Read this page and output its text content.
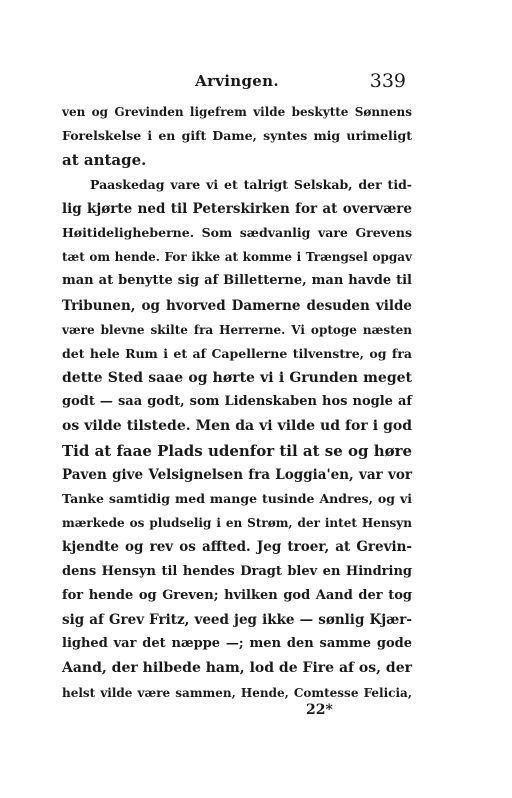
Arvingen.	339
ven og Grevinden ligefrem vilde beskytte Sønnens
Forelskelse i en gift Dame, syntes mig urimeligt
at antage.
Paaskedag vare vi et talrigt Selskab, der tid-
lig kjørte ned til Peterskirken for at overvære
Høitideligheberne. Som sædvanlig vare Grevens
tæt om hende. For ikke at komme i Trængsel opgav
man at benytte sig af Billetterne, man havde til
Tribunen, og hvorved Damerne desuden vilde
være blevne skilte fra Herrerne. Vi optoge næsten
det hele Rum i et af Capellerne tilvenstre, og fra
dette Sted saae og hørte vi i Grunden meget
godt — saa godt, som Lidenskaben hos nogle af
os vilde tilstede. Men da vi vilde ud for i god
Tid at faae Plads udenfor til at se og høre
Paven give Velsignelsen fra Loggia'en, var vor
Tanke samtidig med mange tusinde Andres, og vi
mærkede os pludselig i en Strøm, der intet Hensyn
kjendte og rev os affted. Jeg troer, at Grevin-
dens Hensyn til hendes Dragt blev en Hindring
for hende og Greven; hvilken god Aand der tog
sig af Grev Fritz, veed jeg ikke — sønlig Kjær-
lighed var det næppe —; men den samme gode
Aand, der hilbede ham, lod de Fire af os, der
helst vilde være sammen, Hende, Comtesse Felicia,
22*
